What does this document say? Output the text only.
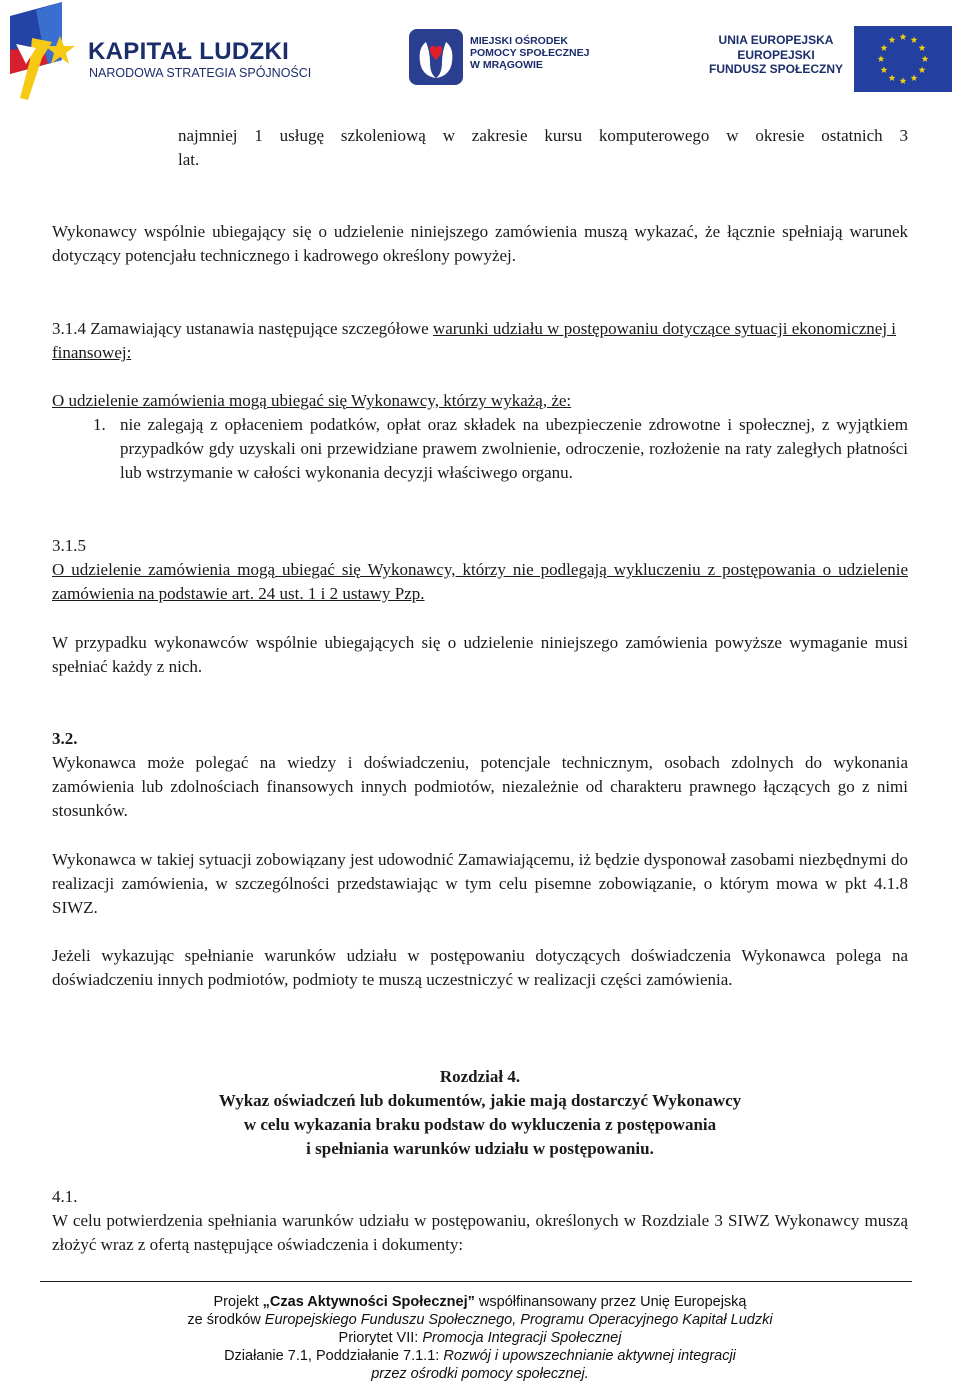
KAPITAŁ LUDZKI
NARODOWA STRATEGIA SPÓJNOŚCI
MIEJSKI OŚRODEK
POMOCY SPOŁECZNEJ
W MRĄGOWIE
UNIA EUROPEJSKA
EUROPEJSKI
FUNDUSZ SPOŁECZNY

najmniej 1 usługę szkoleniową w zakresie kursu komputerowego w okresie ostatnich 3
lat.

Wykonawcy wspólnie ubiegający się o udzielenie niniejszego zamówienia muszą wykazać, że łącznie spełniają warunek dotyczący potencjału technicznego i kadrowego określony powyżej.

3.1.4 Zamawiający ustanawia następujące szczegółowe warunki udziału w postępowaniu dotyczące sytuacji ekonomicznej i finansowej:

O udzielenie zamówienia mogą ubiegać się Wykonawcy, którzy wykażą, że:

1. nie zalegają z opłaceniem podatków, opłat oraz składek na ubezpieczenie zdrowotne i społecznej, z wyjątkiem przypadków gdy uzyskali oni przewidziane prawem zwolnienie, odroczenie, rozłożenie na raty zaległych płatności lub wstrzymanie w całości wykonania decyzji właściwego organu.

3.1.5

O udzielenie zamówienia mogą ubiegać się Wykonawcy, którzy nie podlegają wykluczeniu z postępowania o udzielenie zamówienia na podstawie art. 24 ust. 1 i 2 ustawy Pzp.

W przypadku wykonawców wspólnie ubiegających się o udzielenie niniejszego zamówienia powyższe wymaganie musi spełniać każdy z nich.

3.2.

Wykonawca może polegać na wiedzy i doświadczeniu, potencjale technicznym, osobach zdolnych do wykonania zamówienia lub zdolnościach finansowych innych podmiotów, niezależnie od charakteru prawnego łączących go z nimi stosunków.

Wykonawca w takiej sytuacji zobowiązany jest udowodnić Zamawiającemu, iż będzie dysponował zasobami niezbędnymi do realizacji zamówienia, w szczególności przedstawiając w tym celu pisemne zobowiązanie, o którym mowa w pkt 4.1.8 SIWZ.

Jeżeli wykazując spełnianie warunków udziału w postępowaniu dotyczących doświadczenia Wykonawca polega na doświadczeniu innych podmiotów, podmioty te muszą uczestniczyć w realizacji części zamówienia.

Rozdział 4.
Wykaz oświadczeń lub dokumentów, jakie mają dostarczyć Wykonawcy
w celu wykazania braku podstaw do wykluczenia z postępowania
i spełniania warunków udziału w postępowaniu.

4.1.

W celu potwierdzenia spełniania warunków udziału w postępowaniu, określonych w Rozdziale 3 SIWZ Wykonawcy muszą złożyć wraz z ofertą następujące oświadczenia i dokumenty:

Projekt „Czas Aktywności Społecznej” współfinansowany przez Unię Europejską
ze środków Europejskiego Funduszu Społecznego, Programu Operacyjnego Kapitał Ludzki
Priorytet VII: Promocja Integracji Społecznej
Działanie 7.1, Poddziałanie 7.1.1: Rozwój i upowszechnianie aktywnej integracji
przez ośrodki pomocy społecznej.
